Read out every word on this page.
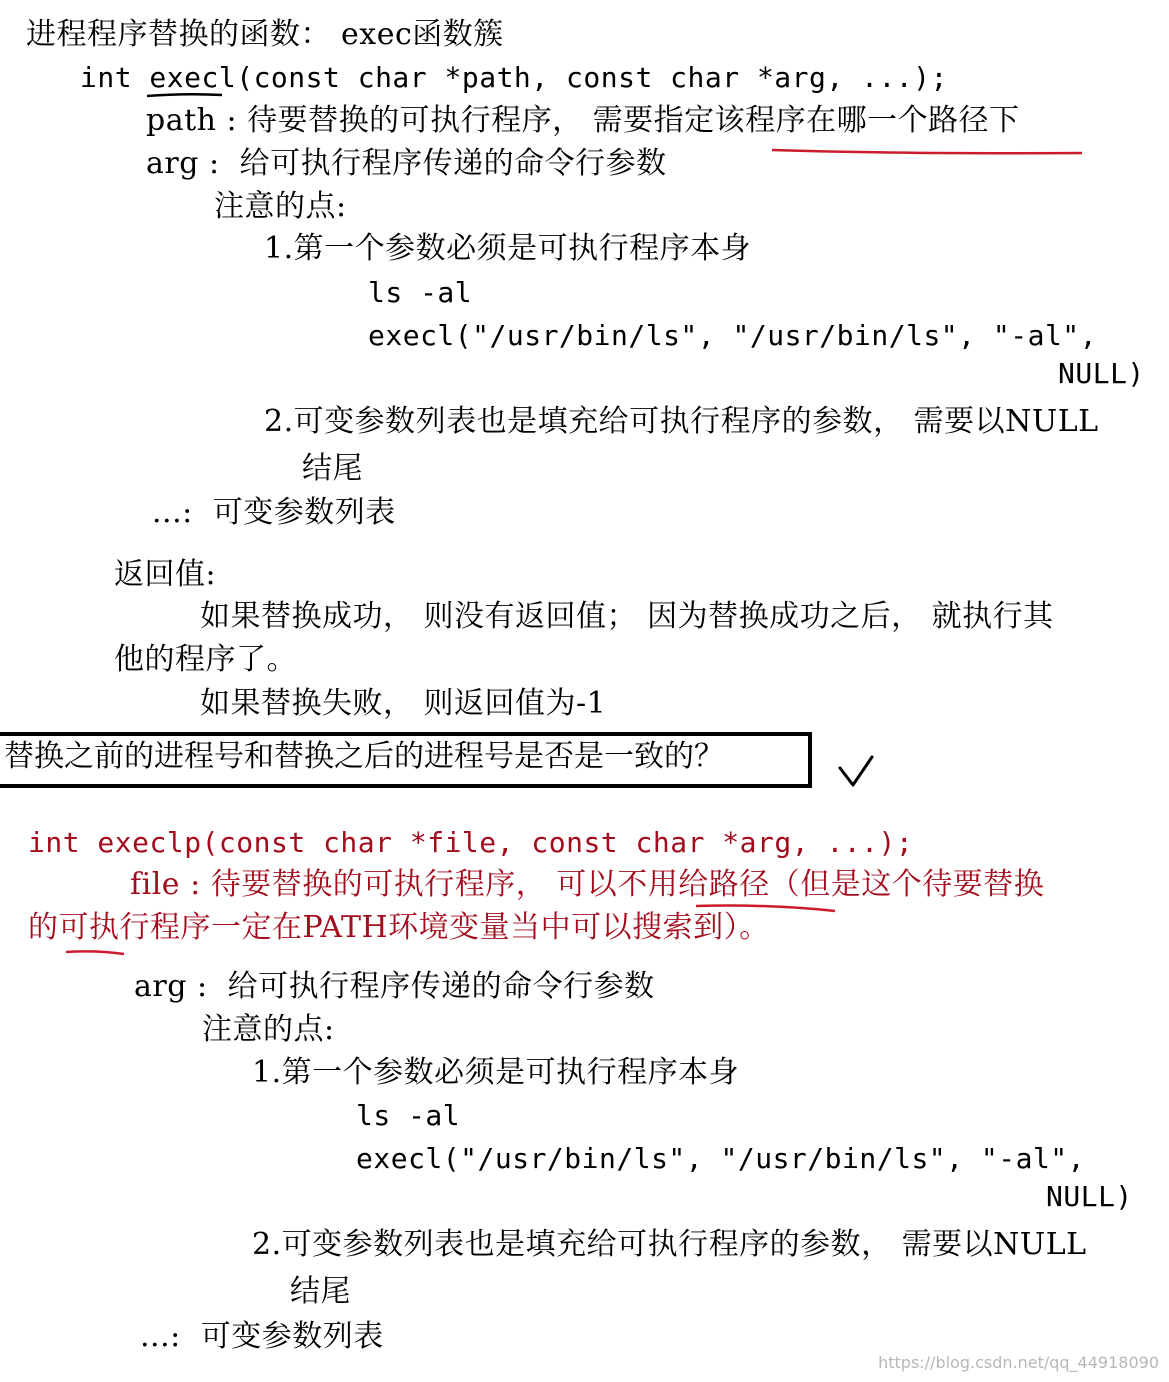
进程程序替换的函数： exec函数簇
int execl(const char *path, const char *arg, ...);
path : 待要替换的可执行程序， 需要指定该程序在哪一个路径下
arg :  给可执行程序传递的命令行参数
注意的点:
1.第一个参数必须是可执行程序本身
ls -al
execl("/usr/bin/ls", "/usr/bin/ls", "-al",
NULL)
2.可变参数列表也是填充给可执行程序的参数， 需要以NULL
结尾
...:  可变参数列表
返回值:
如果替换成功， 则没有返回值； 因为替换成功之后， 就执行其
他的程序了。
如果替换失败， 则返回值为-1
替换之前的进程号和替换之后的进程号是否是一致的？
int execlp(const char *file, const char *arg, ...);
file : 待要替换的可执行程序， 可以不用给路径（但是这个待要替换
的可执行程序一定在PATH环境变量当中可以搜索到）。
arg :  给可执行程序传递的命令行参数
注意的点:
1.第一个参数必须是可执行程序本身
ls -al
execl("/usr/bin/ls", "/usr/bin/ls", "-al",
NULL)
2.可变参数列表也是填充给可执行程序的参数， 需要以NULL
结尾
...:  可变参数列表
https://blog.csdn.net/qq_44918090
